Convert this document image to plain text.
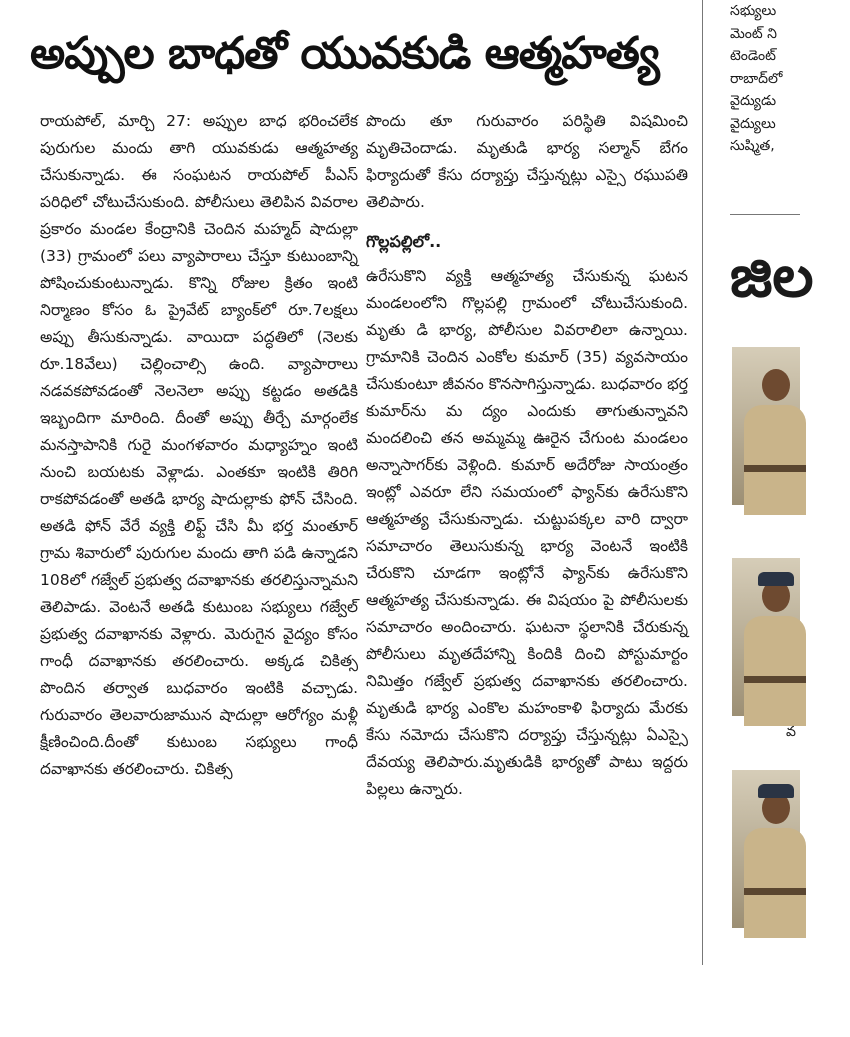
అప్పుల బాధతో యువకుడి ఆత్మహత్య

రాయపోల్, మార్చి 27: అప్పుల బాధ భరించలేక పురుగుల మందు తాగి యువకుడు ఆత్మహత్య చేసుకున్నాడు. ఈ సంఘటన రాయపోల్ పీఎస్ పరిధిలో చోటుచేసుకుంది. పోలీసులు తెలిపిన వివరాల ప్రకారం మండల కేంద్రానికి చెందిన మహ్మద్ షాదుల్లా (33) గ్రామంలో పలు వ్యాపారాలు చేస్తూ కుటుంబాన్ని పోషించుకుంటున్నాడు. కొన్ని రోజుల క్రితం ఇంటి నిర్మాణం కోసం ఓ ప్రైవేట్ బ్యాంక్‌లో రూ.7లక్షలు అప్పు తీసుకున్నాడు. వాయిదా పద్ధతిలో (నెలకు రూ.18వేలు) చెల్లించాల్సి ఉంది. వ్యాపారాలు నడవకపోవడంతో నెలనెలా అప్పు కట్టడం అతడికి ఇబ్బందిగా మారింది. దీంతో అప్పు తీర్చే మార్గంలేక మనస్తాపానికి గురై మంగళవారం మధ్యాహ్నం ఇంటి నుంచి బయటకు వెళ్లాడు. ఎంతకూ ఇంటికి తిరిగి రాకపోవడంతో అతడి భార్య షాదుల్లాకు ఫోన్ చేసింది. అతడి ఫోన్ వేరే వ్యక్తి లిఫ్ట్ చేసి మీ భర్త మంతూర్ గ్రామ శివారులో పురుగుల మందు తాగి పడి ఉన్నాడని 108లో గజ్వేల్ ప్రభుత్వ దవాఖానకు తరలిస్తున్నామని తెలిపాడు. వెంటనే అతడి కుటుంబ సభ్యులు గజ్వేల్ ప్రభుత్వ దవాఖానకు వెళ్లారు. మెరుగైన వైద్యం కోసం గాంధీ దవాఖానకు తరలించారు. అక్కడ చికిత్స పొందిన తర్వాత బుధవారం ఇంటికి వచ్చాడు. గురువారం తెలవారుజామున షాదుల్లా ఆరోగ్యం మళ్లీ క్షీణించింది.దీంతో కుటుంబ సభ్యులు గాంధీ దవాఖానకు తరలించారు. చికిత్స

పొందు తూ గురువారం పరిస్థితి విషమించి మృతిచెందాడు. మృతుడి భార్య సల్మాన్ బేగం ఫిర్యాదుతో కేసు దర్యాప్తు చేస్తున్నట్లు ఎస్సై రఘుపతి తెలిపారు.

గొల్లపల్లిలో..

ఉరేసుకొని వ్యక్తి ఆత్మహత్య చేసుకున్న ఘటన మండలంలోని గొల్లపల్లి గ్రామంలో చోటుచేసుకుంది. మృతు డి భార్య, పోలీసుల వివరాలిలా ఉన్నాయి. గ్రామానికి చెందిన ఎంకోల కుమార్ (35) వ్యవసాయం చేసుకుంటూ జీవనం కొనసాగిస్తున్నాడు. బుధవారం భర్త కుమార్‌ను మ ద్యం ఎందుకు తాగుతున్నావని మందలించి తన అమ్మమ్మ ఊరైన చేగుంట మండలం అన్నాసాగర్‌కు వెళ్లింది. కుమార్ అదేరోజు సాయంత్రం ఇంట్లో ఎవరూ లేని సమయంలో ఫ్యాన్‌కు ఉరేసుకొని ఆత్మహత్య చేసుకున్నాడు. చుట్టుపక్కల వారి ద్వారా సమాచారం తెలుసుకున్న భార్య వెంటనే ఇంటికి చేరుకొని చూడగా ఇంట్లోనే ఫ్యాన్‌కు ఉరేసుకొని ఆత్మహత్య చేసుకున్నాడు. ఈ విషయం పై పోలీసులకు సమాచారం అందించారు. ఘటనా స్థలానికి చేరుకున్న పోలీసులు మృతదేహాన్ని కిందికి దించి పోస్టుమార్టం నిమిత్తం గజ్వేల్ ప్రభుత్వ దవాఖానకు తరలించారు. మృతుడి భార్య ఎంకొల మహంకాళి ఫిర్యాదు మేరకు కేసు నమోదు చేసుకొని దర్యాప్తు చేస్తున్నట్లు ఏఎస్సై దేవయ్య తెలిపారు.మృతుడికి భార్యతో పాటు ఇద్దరు పిల్లలు ఉన్నారు.

సభ్యులు
మెంట్ ని
టెండెంట్
రాబాద్‌లో
వైద్యుడు
వైద్యులు
సుష్మిత,
జిల
వ
